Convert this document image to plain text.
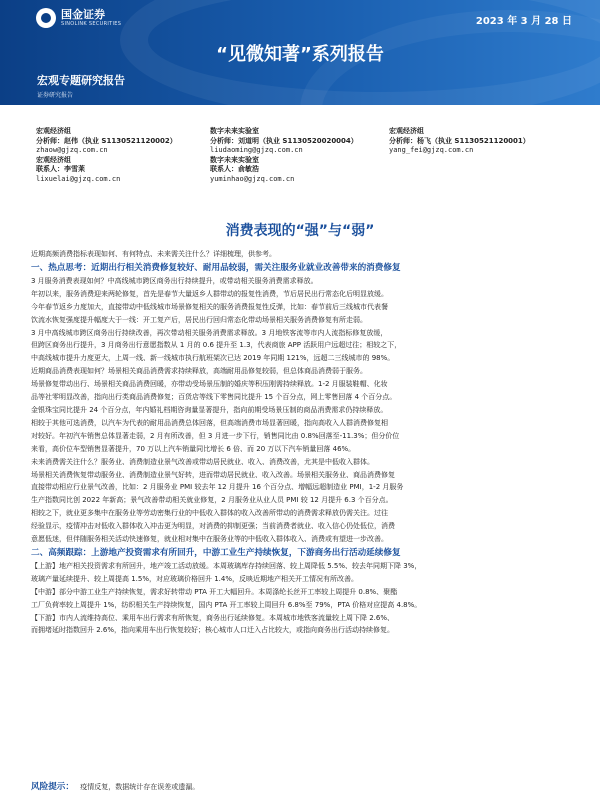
国金证券
SINOLINK SECURITIES	2023 年 3 月 28 日
“见微知著”系列报告
宏观专题研究报告
证券研究报告
宏观经济组
分析师：赵伟（执业 S1130521120002）
zhaow@gjzq.com.cn
宏观经济组
联系人：李雪莱
lixuelai@gjzq.com.cn
数字未来实验室
分析师：刘道明（执业 S1130520020004）
liudaoming@gjzq.com.cn
数字未来实验室
联系人：俞敏浩
yuminhao@gjzq.com.cn
宏观经济组
分析师：杨飞（执业 S1130521120001）
yang_fei@gjzq.com.cn
消费表现的“强”与“弱”

近期高频消费指标表现如何、有何特点、未来需关注什么？详细梳理，供参考。

一、热点思考：近期出行相关消费修复较好、耐用品较弱，需关注服务业就业改善带来的消费修复

3 月服务消费表现如何？中高线城市跨区商务出行持续提升，或带动相关服务消费需求释放。

年初以来，服务消费迎来两轮修复，首先是春节大量返乡人群带动的报复性消费，节后居民出行常态化后明显放缓。

今年春节返乡力度加大，直接带动中低线城市场景修复相关的服务消费报复性反弹，比如：春节前后三线城市代表餐

饮流水恢复强度提升幅度大于一线：开工复产后，居民出行回归常态化带动场景相关服务消费修复有所走弱。

3 月中高线城市跨区商务出行持续改善，再次带动相关服务消费需求释放。3 月地铁客流等市内人流指标修复放缓，

但跨区商务出行提升，3 月商务出行意愿指数从 1 月的 0.6 提升至 1.3，代表商旅 APP 活跃用户远超过往；相较之下，

中高线城市提升力度更大，上周一线、新一线城市执行航班架次已达 2019 年同期 121%，远超二三线城市的 98%。

近期商品消费表现如何？场景相关商品消费需求持续释放，高端耐用品修复较弱，但总体商品消费弱于服务。

场景修复带动出行、场景相关商品消费回暖，亦带动受场景压制的婚庆等积压刚需持续释放。1-2 月服装鞋帽、化妆

品等社零明显改善，指向出行类商品消费修复；百货店等线下零售同比提升 15 个百分点，网上零售回落 4 个百分点。

金银珠宝同比提升 24 个百分点，年内婚礼档期咨询量显著提升，指向前期受场景压制的商品消费需求仍持续释放。

相较于其他可选消费，以汽车为代表的耐用品消费总体回落，但高端消费市场显著回暖，指向高收入人群消费修复相

对较好。年初汽车销售总体显著走弱，2 月有所改善，但 3 月进一步下行，销售同比由 0.8%回落至-11.3%；但分价位

来看，高价位车型销售显著提升，70 万以上汽车销量同比增长 6 倍、而 20 万以下汽车销量回落 46%。

未来消费需关注什么？服务业、消费制造业景气改善或带动居民就业、收入、消费改善，尤其是中低收入群体。

场景相关消费恢复带动服务业、消费制造业景气好转，进而带动居民就业、收入改善。场景相关服务业、商品消费修复

直接带动相应行业景气改善，比如：2 月服务业 PMI 较去年 12 月提升 16 个百分点、增幅远超制造业 PMI，1-2 月服务

生产指数同比创 2022 年新高；景气改善带动相关就业修复，2 月服务业从业人员 PMI 较 12 月提升 6.3 个百分点。

相较之下，就业更多集中在服务业等劳动密集行业的中低收入群体的收入改善所带动的消费需求释放仍需关注。过往

经验显示，疫情冲击对低收入群体收入冲击更为明显，对消费的抑制更强；当前消费者就业、收入信心仍处低位，消费

意愿低迷，但伴随服务相关活动快速修复，就业相对集中在服务业等的中低收入群体收入、消费或有望进一步改善。

二、高频跟踪：上游地产投资需求有所回升，中游工业生产持续恢复，下游商务出行活动延续修复

【上游】地产相关投资需求有所回升，地产竣工活动放缓。本周玻璃库存持续回落、较上周降低 5.5%、较去年同期下降 3%，

玻璃产量延续提升、较上周提高 1.5%，对应玻璃价格回升 1.4%，反映近期地产相关开工情况有所改善。

【中游】部分中游工业生产持续恢复，需求好转带动 PTA 开工大幅回升。本周涤纶长丝开工率较上周提升 0.8%、聚酯

工厂负荷率较上周提升 1%，纺织相关生产持续恢复，国内 PTA 开工率较上周回升 6.8%至 79%，PTA 价格对应提高 4.8%。

【下游】市内人流维持高位、乘用车出行需求有所恢复，商务出行延续修复。本周城市地铁客流量较上周下降 2.6%、

而拥堵延时指数回升 2.6%，指向乘用车出行恢复较好；核心城市人口迁入占比较大，或指向商务出行活动持续修复。

风险提示： 疫情反复，数据统计存在误差或遗漏。
